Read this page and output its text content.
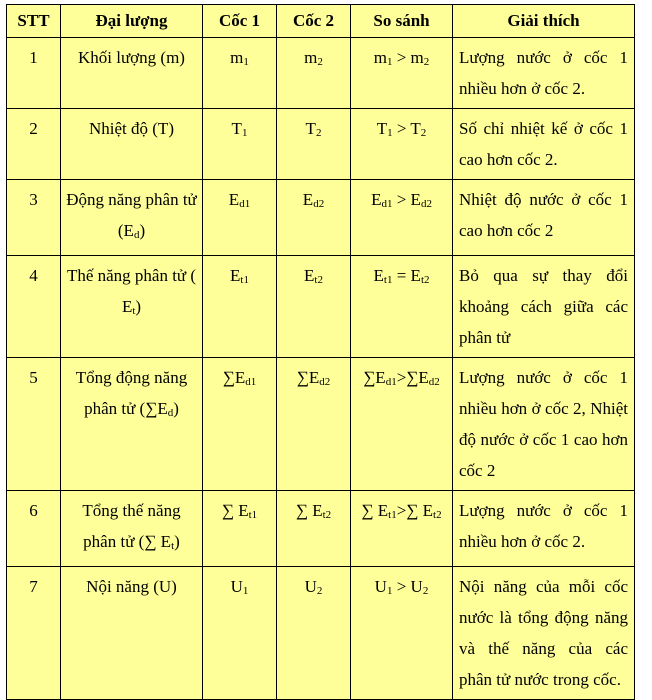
STT	Đại lượng	Cốc 1	Cốc 2	So sánh	Giải thích
1	Khối lượng (m)	m1	m2	m1 > m2	Lượng nước ở cốc 1 nhiều hơn ở cốc 2.
2	Nhiệt độ (T)	T1	T2	T1 > T2	Số chỉ nhiệt kế ở cốc 1 cao hơn cốc 2.
3	Động năng phân tử (Ed)	Ed1	Ed2	Ed1 > Ed2	Nhiệt độ nước ở cốc 1 cao hơn cốc 2
4	Thế năng phân tử ( Et)	Et1	Et2	Et1 = Et2	Bỏ qua sự thay đổi khoảng cách giữa các phân tử
5	Tổng động năng phân tử (∑Ed)	∑Ed1	∑Ed2	∑Ed1>∑Ed2	Lượng nước ở cốc 1 nhiều hơn ở cốc 2, Nhiệt độ nước ở cốc 1 cao hơn cốc 2
6	Tổng thế năng phân tử (∑ Et)	∑ Et1	∑ Et2	∑ Et1>∑ Et2	Lượng nước ở cốc 1 nhiều hơn ở cốc 2.
7	Nội năng (U)	U1	U2	U1 > U2	Nội năng của mỗi cốc nước là tổng động năng và thế năng của các phân tử nước trong cốc.
